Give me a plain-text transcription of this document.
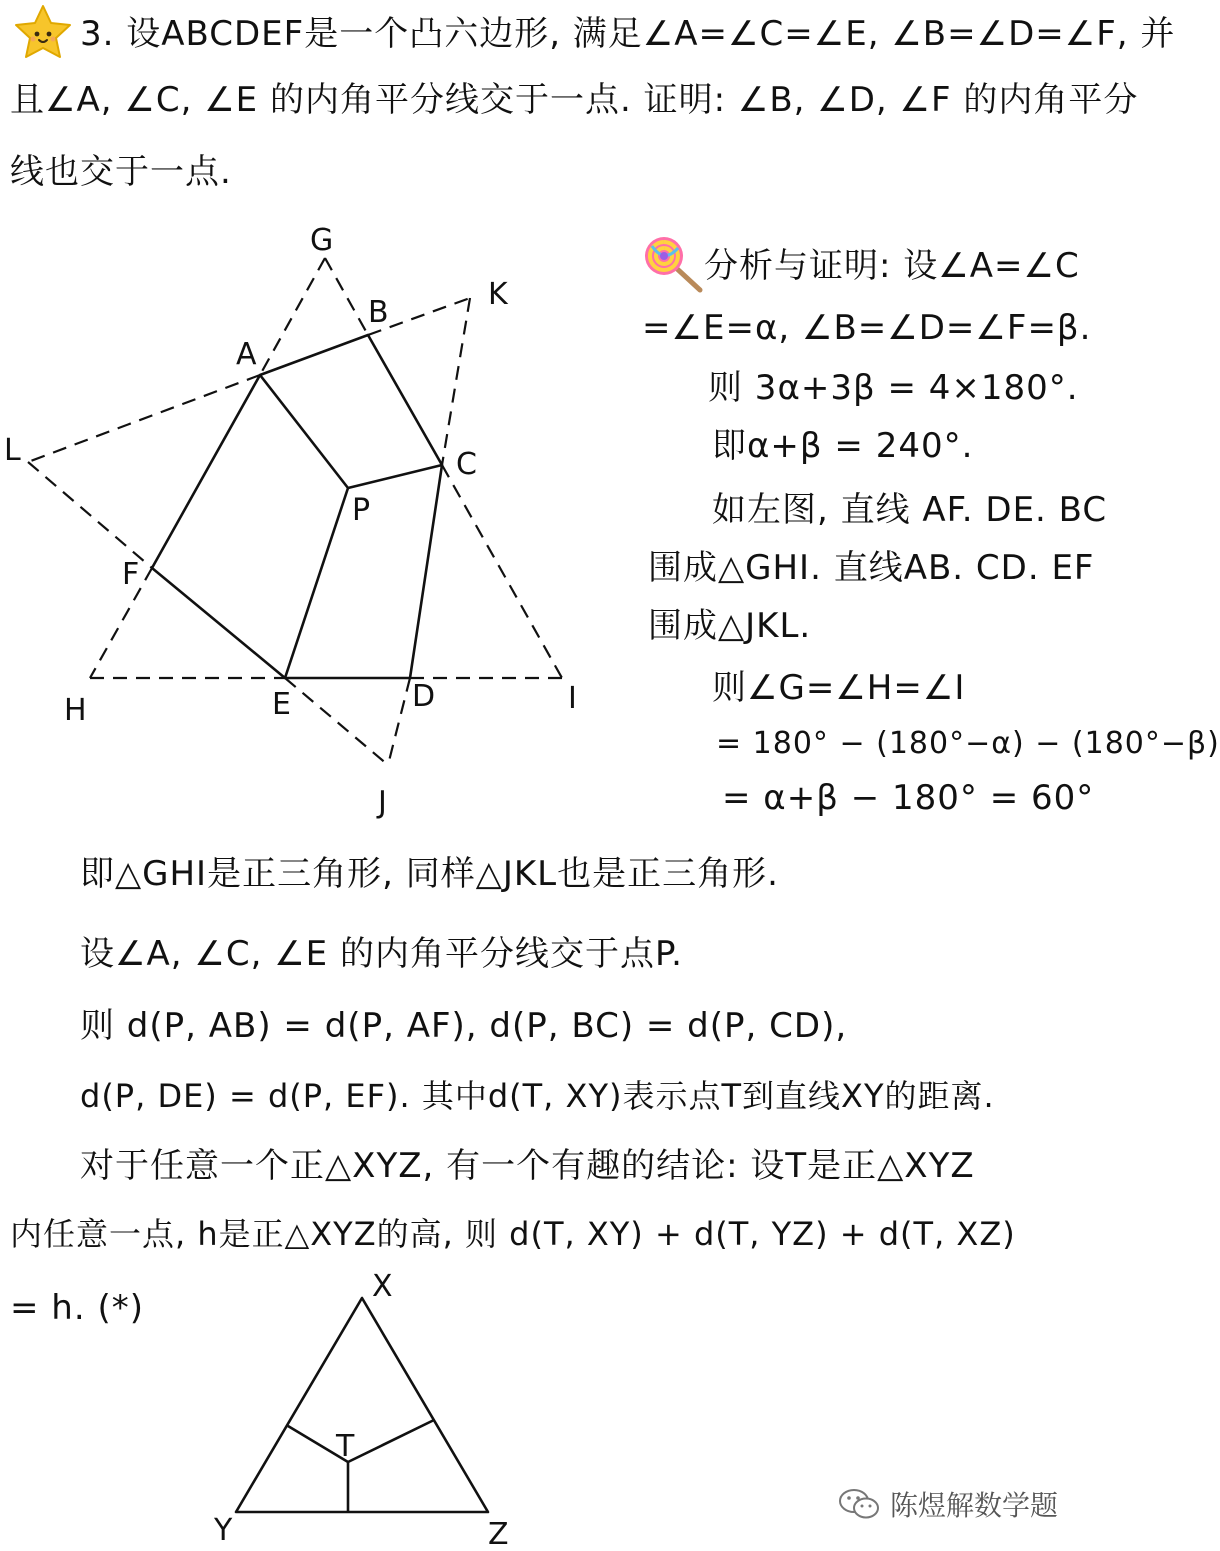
3. 设ABCDEF是一个凸六边形, 满足∠A=∠C=∠E, ∠B=∠D=∠F, 并

且∠A, ∠C, ∠E 的内角平分线交于一点. 证明: ∠B, ∠D, ∠F 的内角平分

线也交于一点.

分析与证明: 设∠A=∠C

=∠E=α, ∠B=∠D=∠F=β.

则 3α+3β = 4×180°.

即α+β = 240°.

如左图, 直线 AF. DE. BC

围成△GHI. 直线AB. CD. EF

围成△JKL.

则∠G=∠H=∠I

= 180° − (180°−α) − (180°−β)

= α+β − 180° = 60°

G
B
K
A
L	C
P
F
H	E	D	I
J

即△GHI是正三角形, 同样△JKL也是正三角形.

设∠A, ∠C, ∠E 的内角平分线交于点P.

则 d(P, AB) = d(P, AF), d(P, BC) = d(P, CD),

d(P, DE) = d(P, EF). 其中d(T, XY)表示点T到直线XY的距离.

对于任意一个正△XYZ, 有一个有趣的结论: 设T是正△XYZ

内任意一点, h是正△XYZ的高, 则 d(T, XY) + d(T, YZ) + d(T, XZ)

= h. (*)

X
T
Y	Z
陈煜解数学题
